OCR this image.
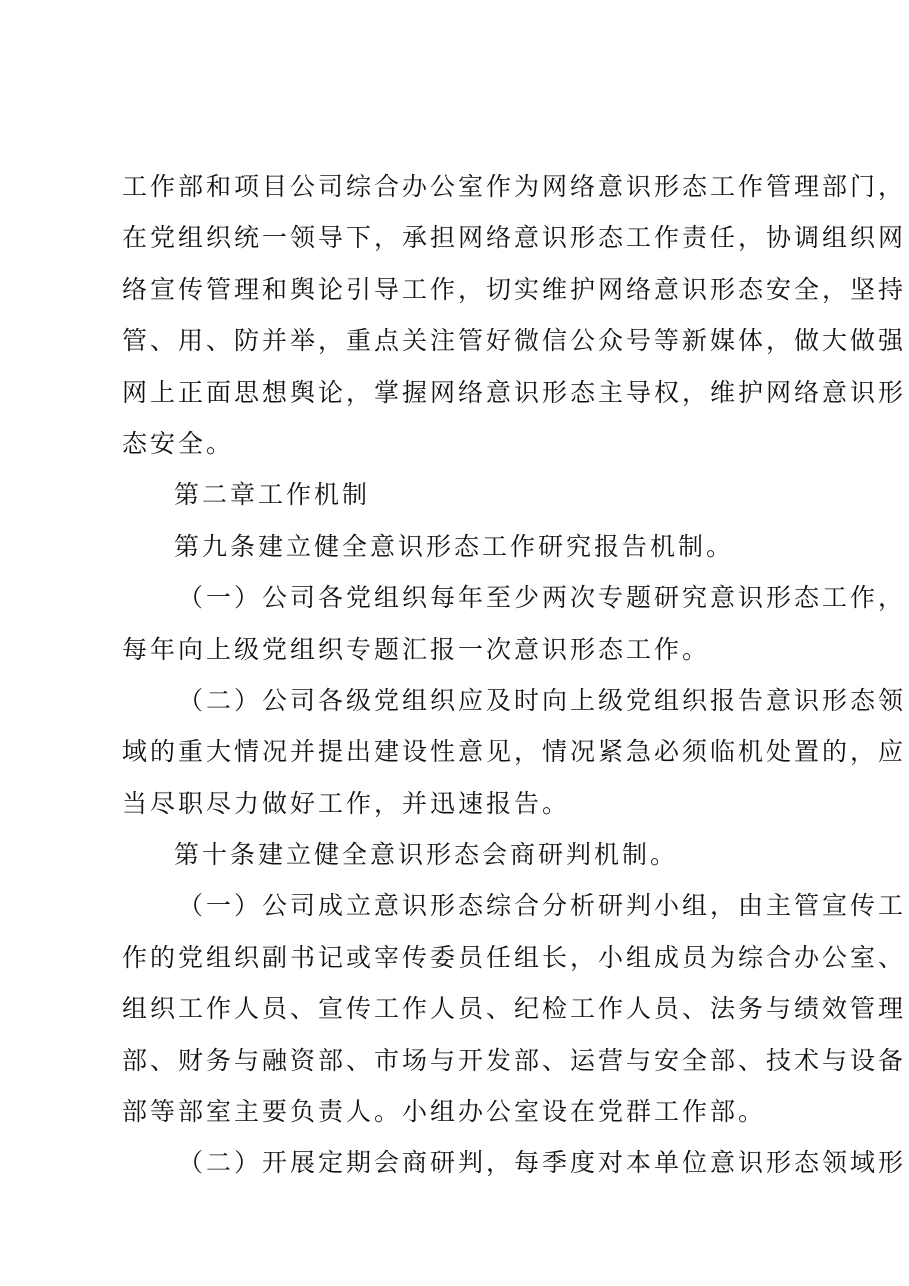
工作部和项目公司综合办公室作为网络意识形态工作管理部门，
在党组织统一领导下，承担网络意识形态工作责任，协调组织网
络宣传管理和舆论引导工作，切实维护网络意识形态安全，坚持
管、用、防并举，重点关注管好微信公众号等新媒体，做大做强
网上正面思想舆论，掌握网络意识形态主导权，维护网络意识形
态安全。
第二章工作机制
第九条建立健全意识形态工作研究报告机制。
（一）公司各党组织每年至少两次专题研究意识形态工作，
每年向上级党组织专题汇报一次意识形态工作。
（二）公司各级党组织应及时向上级党组织报告意识形态领
域的重大情况并提出建设性意见，情况紧急必须临机处置的，应
当尽职尽力做好工作，并迅速报告。
第十条建立健全意识形态会商研判机制。
（一）公司成立意识形态综合分析研判小组，由主管宣传工
作的党组织副书记或宰传委员任组长，小组成员为综合办公室、
组织工作人员、宣传工作人员、纪检工作人员、法务与绩效管理
部、财务与融资部、市场与开发部、运营与安全部、技术与设备
部等部室主要负责人。小组办公室设在党群工作部。
（二）开展定期会商研判，每季度对本单位意识形态领域形
